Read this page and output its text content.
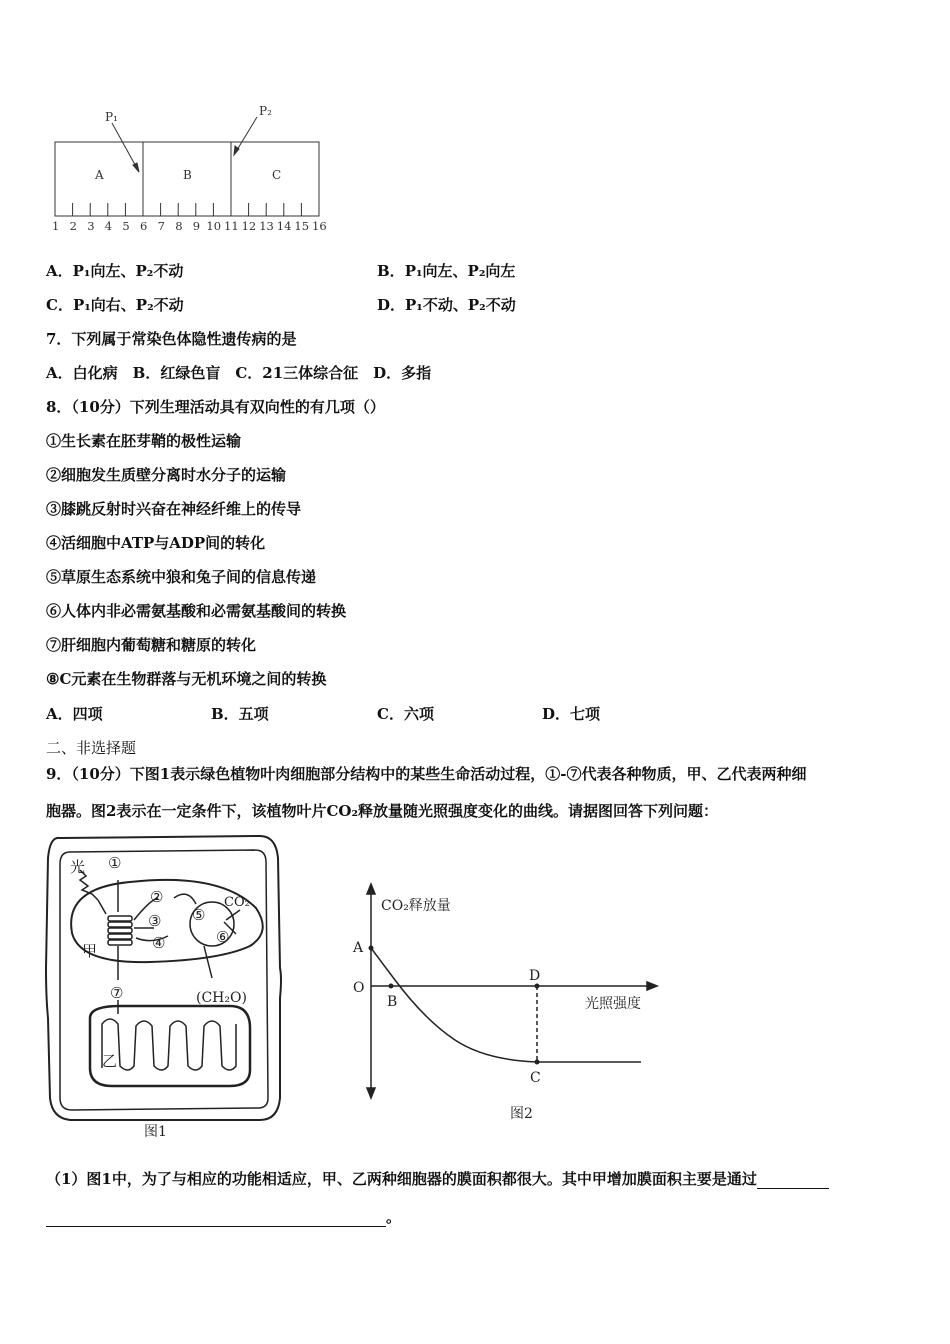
P₁	P₂
A	B	C
1 2 3 4 5 6 7 8 9 10 11 12 13 14 15 16
A．P₁向左、P₂不动	B．P₁向左、P₂向左
C．P₁向右、P₂不动	D．P₁不动、P₂不动
7．下列属于常染色体隐性遗传病的是
A．白化病　B．红绿色盲　C．21三体综合征　D．多指
8．（10分）下列生理活动具有双向性的有几项（）
①生长素在胚芽鞘的极性运输
②细胞发生质壁分离时水分子的运输
③膝跳反射时兴奋在神经纤维上的传导
④活细胞中ATP与ADP间的转化
⑤草原生态系统中狼和兔子间的信息传递
⑥人体内非必需氨基酸和必需氨基酸间的转换
⑦肝细胞内葡萄糖和糖原的转化
⑧C元素在生物群落与无机环境之间的转换
A．四项	B．五项	C．六项	D．七项
二、非选择题
9．（10分）下图1表示绿色植物叶肉细胞部分结构中的某些生命活动过程，①-⑦代表各种物质，甲、乙代表两种细
胞器。图2表示在一定条件下，该植物叶片CO₂释放量随光照强度变化的曲线。请据图回答下列问题：
光 ①
②
③
④
⑤
⑥
⑦
CO₂
甲
乙
(CH₂O)
图1
CO₂释放量
光照强度
A
O
B
D
C
图2
（1）图1中，为了与相应的功能相适应，甲、乙两种细胞器的膜面积都很大。其中甲增加膜面积主要是通过
。
